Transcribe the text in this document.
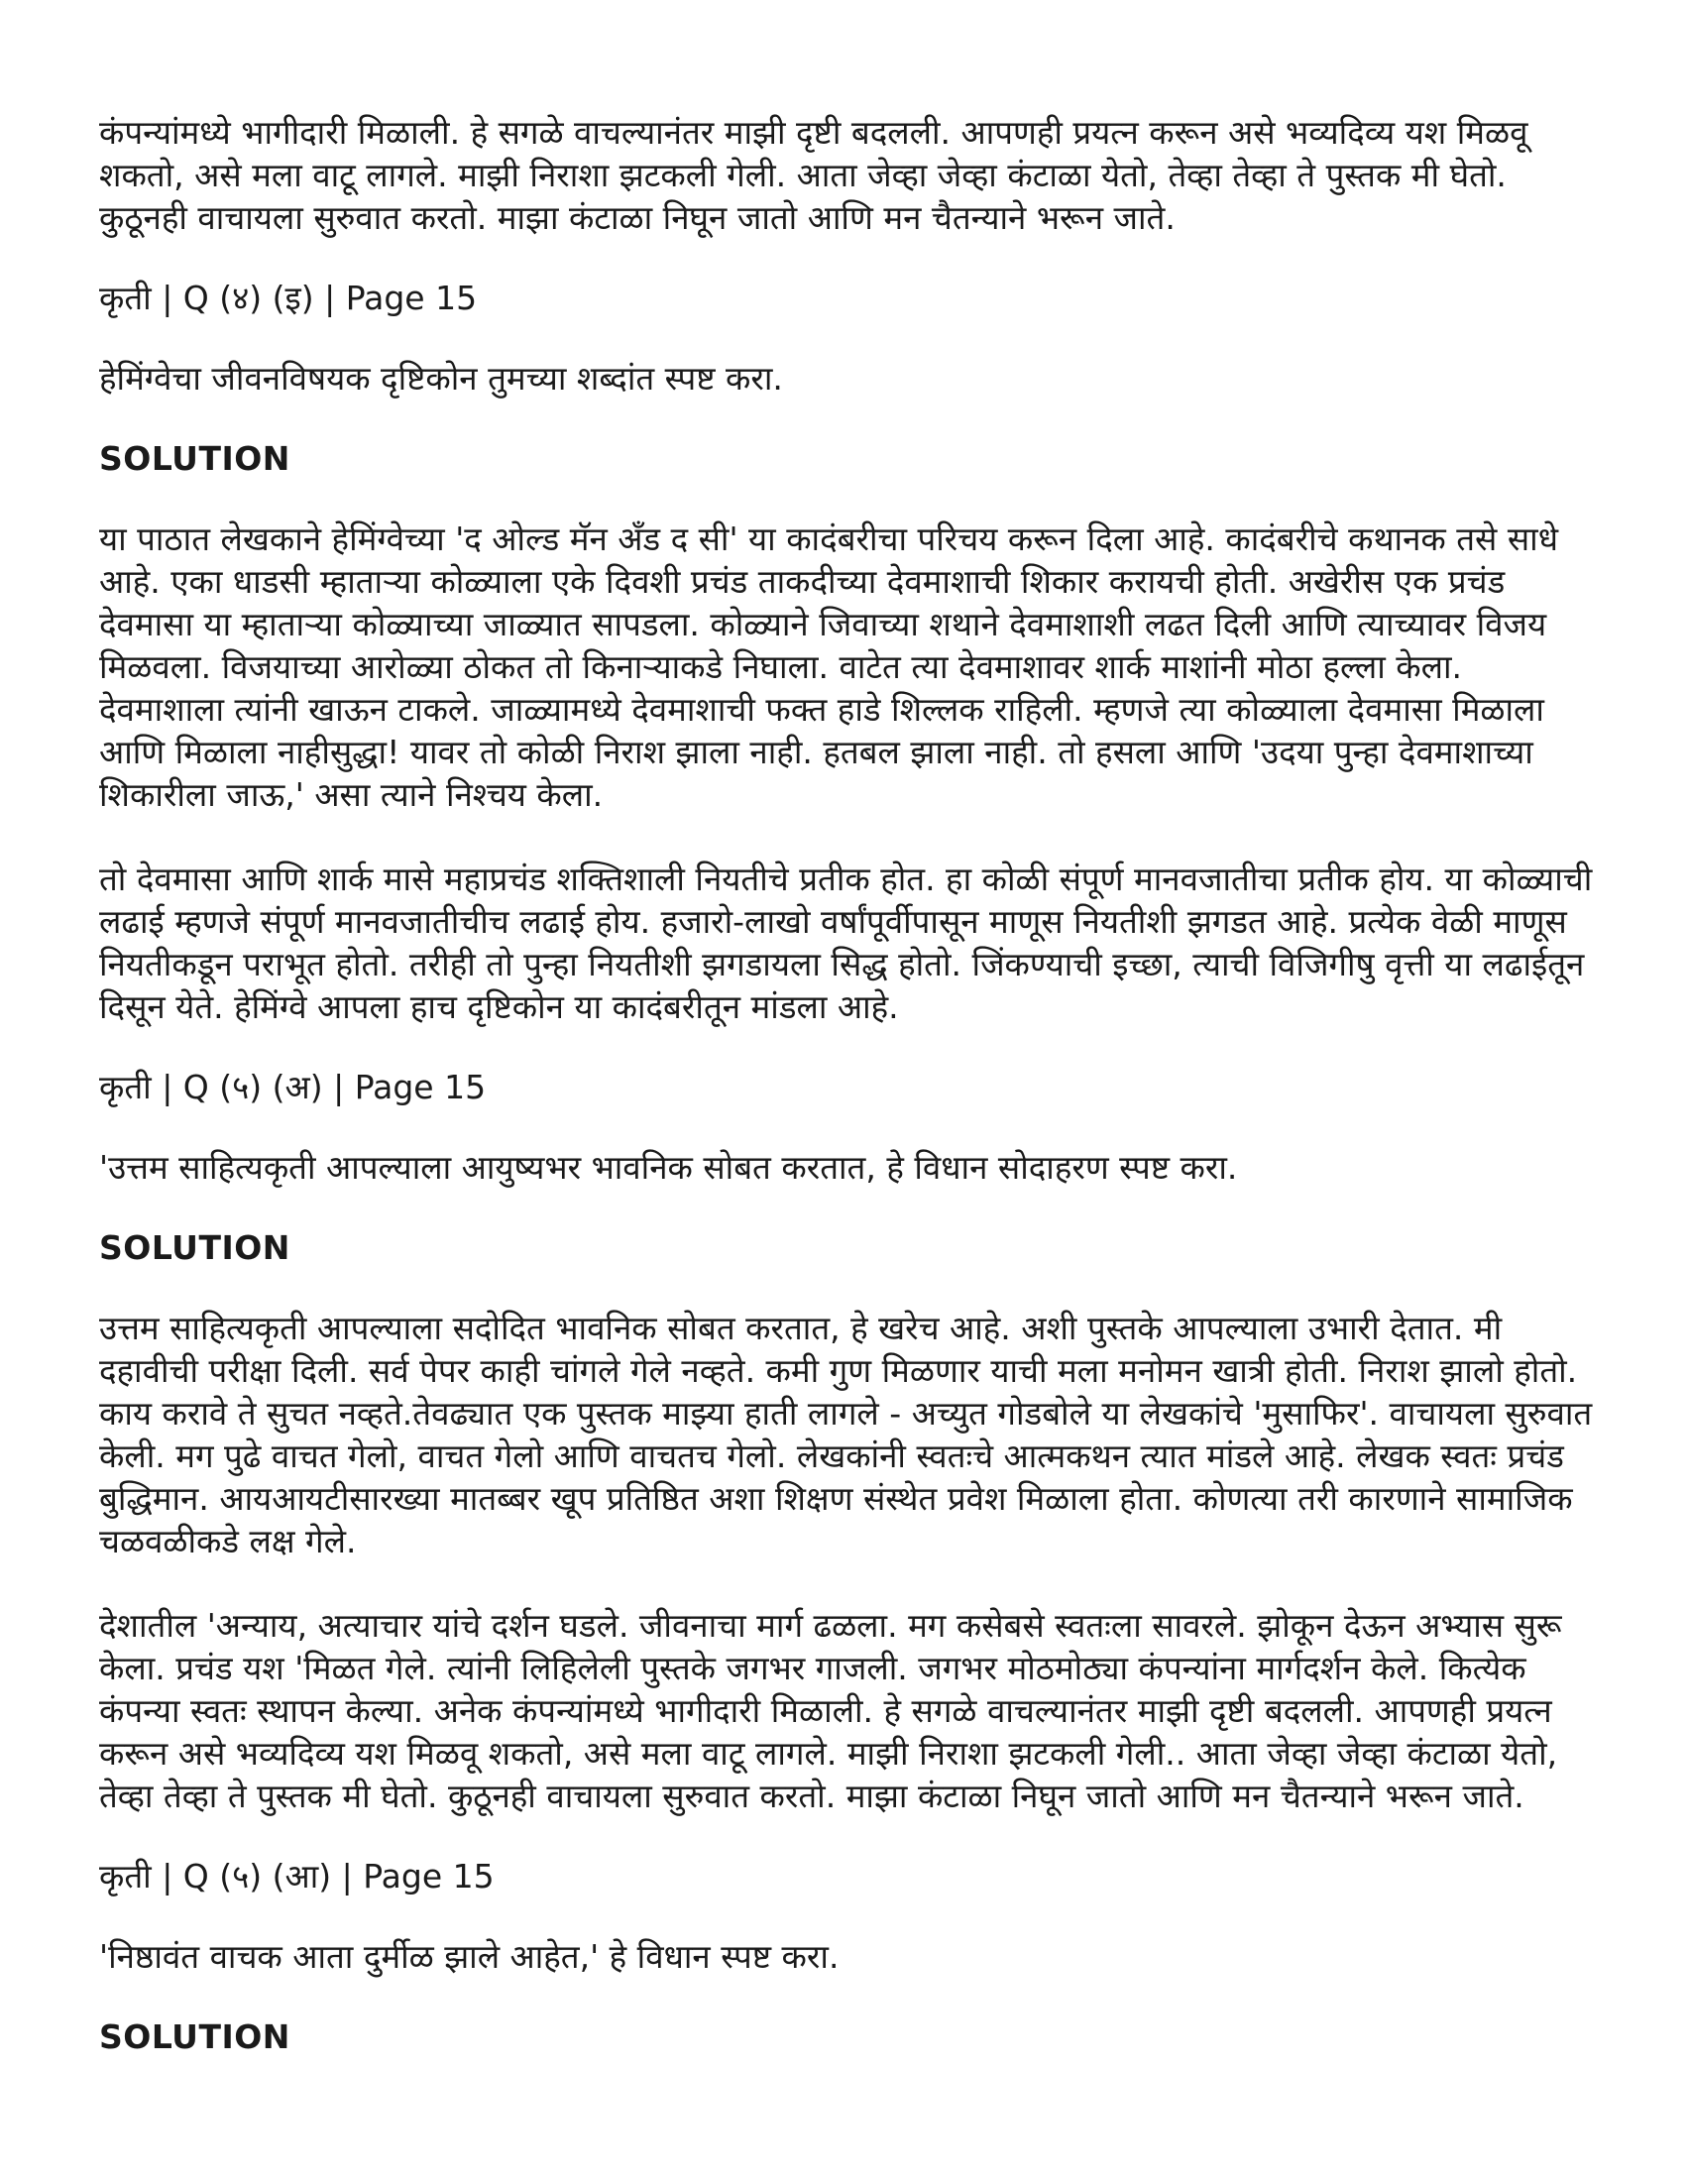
कंपन्यांमध्ये भागीदारी मिळाली. हे सगळे वाचल्यानंतर माझी दृष्टी बदलली. आपणही प्रयत्न करून असे भव्यदिव्य यश मिळवू शकतो, असे मला वाटू लागले. माझी निराशा झटकली गेली. आता जेव्हा जेव्हा कंटाळा येतो, तेव्हा तेव्हा ते पुस्तक मी घेतो. कुठूनही वाचायला सुरुवात करतो. माझा कंटाळा निघून जातो आणि मन चैतन्याने भरून जाते.

कृती | Q (४) (इ) | Page 15

हेमिंग्वेचा जीवनविषयक दृष्टिकोन तुमच्या शब्दांत स्पष्ट करा.

SOLUTION

या पाठात लेखकाने हेमिंग्वेच्या 'द ओल्ड मॅन अँड द सी' या कादंबरीचा परिचय करून दिला आहे. कादंबरीचे कथानक तसे साधे आहे. एका धाडसी म्हाताऱ्या कोळ्याला एके दिवशी प्रचंड ताकदीच्या देवमाशाची शिकार करायची होती. अखेरीस एक प्रचंड देवमासा या म्हाताऱ्या कोळ्याच्या जाळ्यात सापडला. कोळ्याने जिवाच्या शथाने देवमाशाशी लढत दिली आणि त्याच्यावर विजय मिळवला. विजयाच्या आरोळ्या ठोकत तो किनाऱ्याकडे निघाला. वाटेत त्या देवमाशावर शार्क माशांनी मोठा हल्ला केला. देवमाशाला त्यांनी खाऊन टाकले. जाळ्यामध्ये देवमाशाची फक्त हाडे शिल्लक राहिली. म्हणजे त्या कोळ्याला देवमासा मिळाला आणि मिळाला नाहीसुद्धा! यावर तो कोळी निराश झाला नाही. हतबल झाला नाही. तो हसला आणि 'उदया पुन्हा देवमाशाच्या शिकारीला जाऊ,' असा त्याने निश्चय केला.

तो देवमासा आणि शार्क मासे महाप्रचंड शक्तिशाली नियतीचे प्रतीक होत. हा कोळी संपूर्ण मानवजातीचा प्रतीक होय. या कोळ्याची लढाई म्हणजे संपूर्ण मानवजातीचीच लढाई होय. हजारो-लाखो वर्षांपूर्वीपासून माणूस नियतीशी झगडत आहे. प्रत्येक वेळी माणूस नियतीकडून पराभूत होतो. तरीही तो पुन्हा नियतीशी झगडायला सिद्ध होतो. जिंकण्याची इच्छा, त्याची विजिगीषु वृत्ती या लढाईतून दिसून येते. हेमिंग्वे आपला हाच दृष्टिकोन या कादंबरीतून मांडला आहे.

कृती | Q (५) (अ) | Page 15

'उत्तम साहित्यकृती आपल्याला आयुष्यभर भावनिक सोबत करतात, हे विधान सोदाहरण स्पष्ट करा.

SOLUTION

उत्तम साहित्यकृती आपल्याला सदोदित भावनिक सोबत करतात, हे खरेच आहे. अशी पुस्तके आपल्याला उभारी देतात. मी दहावीची परीक्षा दिली. सर्व पेपर काही चांगले गेले नव्हते. कमी गुण मिळणार याची मला मनोमन खात्री होती. निराश झालो होतो. काय करावे ते सुचत नव्हते.तेवढ्यात एक पुस्तक माझ्या हाती लागले - अच्युत गोडबोले या लेखकांचे 'मुसाफिर'. वाचायला सुरुवात केली. मग पुढे वाचत गेलो, वाचत गेलो आणि वाचतच गेलो. लेखकांनी स्वतःचे आत्मकथन त्यात मांडले आहे. लेखक स्वतः प्रचंड बुद्धिमान. आयआयटीसारख्या मातब्बर खूप प्रतिष्ठित अशा शिक्षण संस्थेत प्रवेश मिळाला होता. कोणत्या तरी कारणाने सामाजिक चळवळीकडे लक्ष गेले.

देशातील 'अन्याय, अत्याचार यांचे दर्शन घडले. जीवनाचा मार्ग ढळला. मग कसेबसे स्वतःला सावरले. झोकून देऊन अभ्यास सुरू केला. प्रचंड यश 'मिळत गेले. त्यांनी लिहिलेली पुस्तके जगभर गाजली. जगभर मोठमोठ्या कंपन्यांना मार्गदर्शन केले. कित्येक कंपन्या स्वतः स्थापन केल्या. अनेक कंपन्यांमध्ये भागीदारी मिळाली. हे सगळे वाचल्यानंतर माझी दृष्टी बदलली. आपणही प्रयत्न करून असे भव्यदिव्य यश मिळवू शकतो, असे मला वाटू लागले. माझी निराशा झटकली गेली.. आता जेव्हा जेव्हा कंटाळा येतो, तेव्हा तेव्हा ते पुस्तक मी घेतो. कुठूनही वाचायला सुरुवात करतो. माझा कंटाळा निघून जातो आणि मन चैतन्याने भरून जाते.

कृती | Q (५) (आ) | Page 15

'निष्ठावंत वाचक आता दुर्मीळ झाले आहेत,' हे विधान स्पष्ट करा.

SOLUTION
